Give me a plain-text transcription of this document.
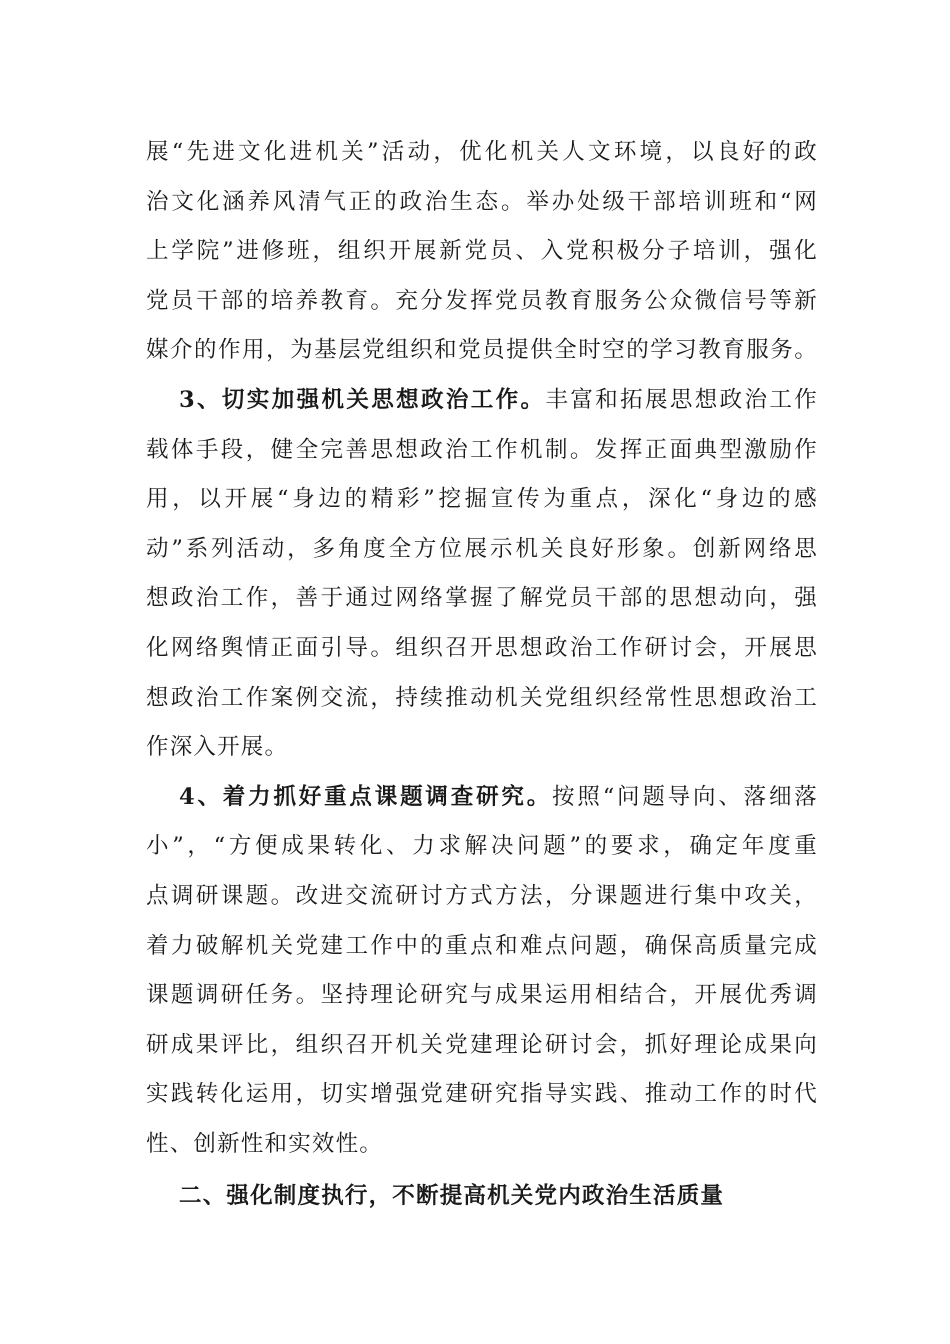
展“先进文化进机关”活动，优化机关人文环境，以良好的政
治文化涵养风清气正的政治生态。举办处级干部培训班和“网
上学院”进修班，组织开展新党员、入党积极分子培训，强化
党员干部的培养教育。充分发挥党员教育服务公众微信号等新
媒介的作用，为基层党组织和党员提供全时空的学习教育服务。
3、切实加强机关思想政治工作。丰富和拓展思想政治工作
载体手段，健全完善思想政治工作机制。发挥正面典型激励作
用，以开展“身边的精彩”挖掘宣传为重点，深化“身边的感
动”系列活动，多角度全方位展示机关良好形象。创新网络思
想政治工作，善于通过网络掌握了解党员干部的思想动向，强
化网络舆情正面引导。组织召开思想政治工作研讨会，开展思
想政治工作案例交流，持续推动机关党组织经常性思想政治工
作深入开展。
4、着力抓好重点课题调查研究。按照“问题导向、落细落
小”，“方便成果转化、力求解决问题”的要求，确定年度重
点调研课题。改进交流研讨方式方法，分课题进行集中攻关，
着力破解机关党建工作中的重点和难点问题，确保高质量完成
课题调研任务。坚持理论研究与成果运用相结合，开展优秀调
研成果评比，组织召开机关党建理论研讨会，抓好理论成果向
实践转化运用，切实增强党建研究指导实践、推动工作的时代
性、创新性和实效性。
二、强化制度执行，不断提高机关党内政治生活质量
